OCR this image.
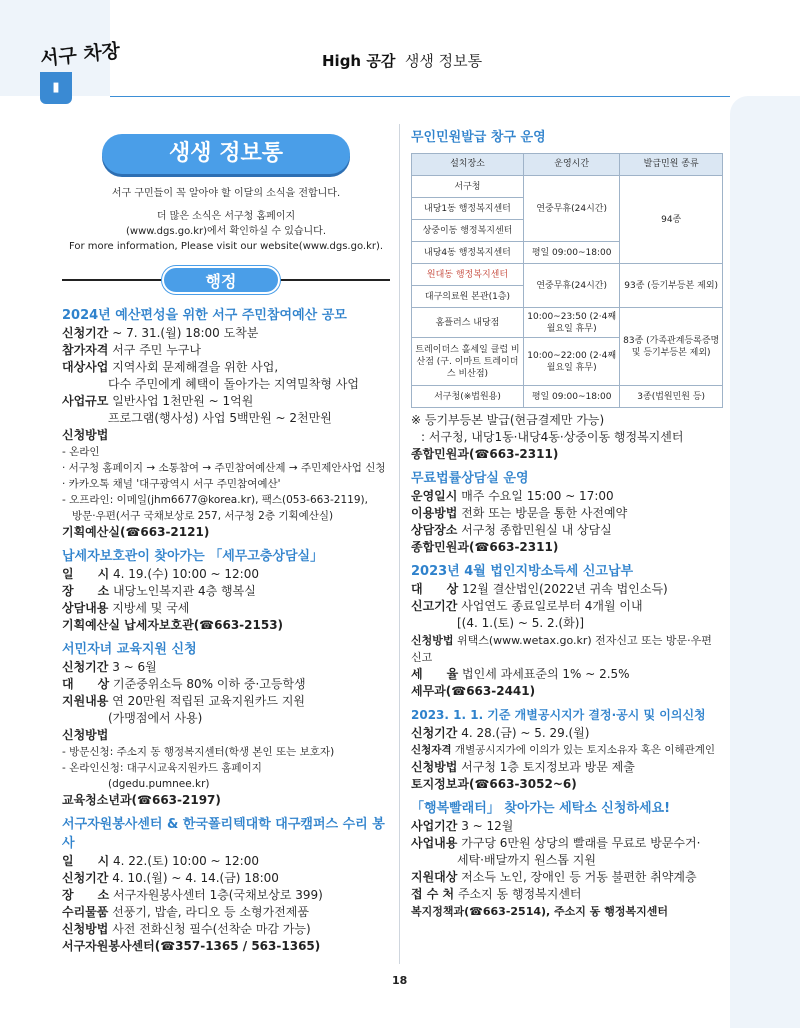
서구 차장
▮
High 공감 생생 정보통
생생 정보통
서구 구민들이 꼭 알아야 할 이달의 소식을 전합니다.
더 많은 소식은 서구청 홈페이지
(www.dgs.go.kr)에서 확인하실 수 있습니다.
For more information, Please visit our website(www.dgs.go.kr).
행정
2024년 예산편성을 위한 서구 주민참여예산 공모
신청기간 ~ 7. 31.(월) 18:00 도착분
참가자격 서구 주민 누구나
대상사업 지역사회 문제해결을 위한 사업,
다수 주민에게 혜택이 돌아가는 지역밀착형 사업
사업규모 일반사업 1천만원 ~ 1억원
프로그램(행사성) 사업 5백만원 ~ 2천만원
신청방법
- 온라인
· 서구청 홈페이지 → 소통참여 → 주민참여예산제 → 주민제안사업 신청
· 카카오톡 채널 '대구광역시 서구 주민참여예산'
- 오프라인: 이메일(jhm6677@korea.kr), 팩스(053-663-2119),
방문·우편(서구 국채보상로 257, 서구청 2층 기획예산실)
기획예산실(☎663-2121)
납세자보호관이 찾아가는 「세무고충상담실」
일　　시 4. 19.(수) 10:00 ~ 12:00
장　　소 내당노인복지관 4층 행복실
상담내용 지방세 및 국세
기획예산실 납세자보호관(☎663-2153)
서민자녀 교육지원 신청
신청기간 3 ~ 6월
대　　상 기준중위소득 80% 이하 중·고등학생
지원내용 연 20만원 적립된 교육지원카드 지원
(가맹점에서 사용)
신청방법
- 방문신청: 주소지 동 행정복지센터(학생 본인 또는 보호자)
- 온라인신청: 대구시교육지원카드 홈페이지
(dgedu.pumnee.kr)
교육청소년과(☎663-2197)
서구자원봉사센터 & 한국폴리텍대학 대구캠퍼스 수리 봉사
일　　시 4. 22.(토) 10:00 ~ 12:00
신청기간 4. 10.(월) ~ 4. 14.(금) 18:00
장　　소 서구자원봉사센터 1층(국채보상로 399)
수리물품 선풍기, 밥솥, 라디오 등 소형가전제품
신청방법 사전 전화신청 필수(선착순 마감 가능)
서구자원봉사센터(☎357-1365 / 563-1365)
무인민원발급 창구 운영
설치장소	운영시간	발급민원 종류
서구청	연중무휴(24시간)	94종
내당1동 행정복지센터		
상중이동 행정복지센터		
내당4동 행정복지센터	평일 09:00~18:00	
원대동 행정복지센터	연중무휴(24시간)	93종 (등기부등본 제외)
대구의료원 본관(1층)		
홈플러스 내당점	10:00~23:50 (2·4째 월요일 휴무)	83종 (가족관계등록증명 및 등기부등본 제외)
트레이더스 홀세일 클럽 비산점 (구. 이마트 트레이더스 비산점)	10:00~22:00 (2·4째 월요일 휴무)	
서구청(※법원용)	평일 09:00~18:00	3종(법원민원 등)
※ 등기부등본 발급(현금결제만 가능)
: 서구청, 내당1동·내당4동·상중이동 행정복지센터
종합민원과(☎663-2311)
무료법률상담실 운영
운영일시 매주 수요일 15:00 ~ 17:00
이용방법 전화 또는 방문을 통한 사전예약
상담장소 서구청 종합민원실 내 상담실
종합민원과(☎663-2311)
2023년 4월 법인지방소득세 신고납부
대　　상 12월 결산법인(2022년 귀속 법인소득)
신고기간 사업연도 종료일로부터 4개월 이내
[(4. 1.(토) ~ 5. 2.(화)]
신청방법 위택스(www.wetax.go.kr) 전자신고 또는 방문·우편 신고
세　　율 법인세 과세표준의 1% ~ 2.5%
세무과(☎663-2441)
2023. 1. 1. 기준 개별공시지가 결정·공시 및 이의신청
신청기간 4. 28.(금) ~ 5. 29.(월)
신청자격 개별공시지가에 이의가 있는 토지소유자 혹은 이해관계인
신청방법 서구청 1층 토지정보과 방문 제출
토지정보과(☎663-3052~6)
「행복빨래터」 찾아가는 세탁소 신청하세요!
사업기간 3 ~ 12월
사업내용 가구당 6만원 상당의 빨래를 무료로 방문수거·
세탁·배달까지 원스톱 지원
지원대상 저소득 노인, 장애인 등 거동 불편한 취약계층
접 수 처 주소지 동 행정복지센터
복지정책과(☎663-2514), 주소지 동 행정복지센터
18
